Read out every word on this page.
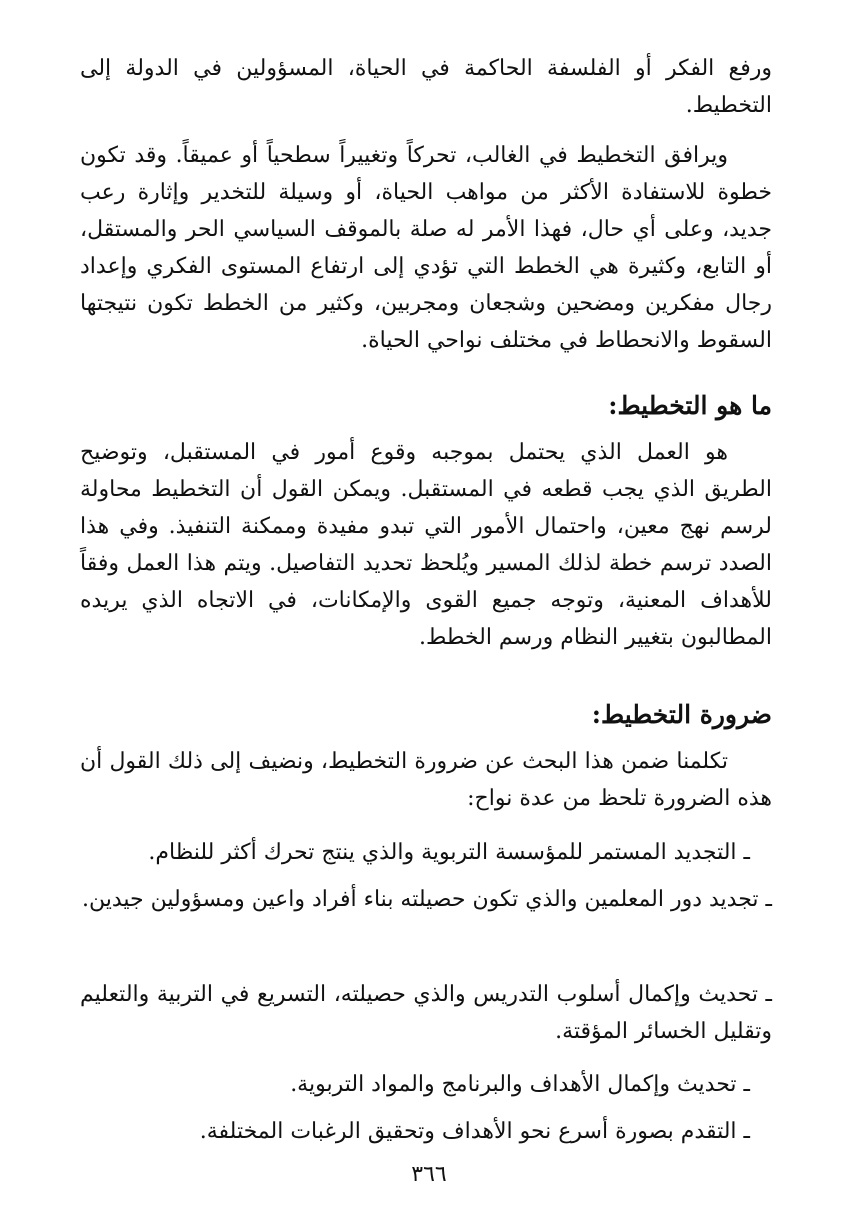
ورفع الفكر أو الفلسفة الحاكمة في الحياة، المسؤولين في الدولة إلى التخطيط.

ويرافق التخطيط في الغالب، تحركاً وتغييراً سطحياً أو عميقاً. وقد تكون خطوة للاستفادة الأكثر من مواهب الحياة، أو وسيلة للتخدير وإثارة رعب جديد، وعلى أي حال، فهذا الأمر له صلة بالموقف السياسي الحر والمستقل، أو التابع، وكثيرة هي الخطط التي تؤدي إلى ارتفاع المستوى الفكري وإعداد رجال مفكرين ومضحين وشجعان ومجربين، وكثير من الخطط تكون نتيجتها السقوط والانحطاط في مختلف نواحي الحياة.

ما هو التخطيط:

هو العمل الذي يحتمل بموجبه وقوع أمور في المستقبل، وتوضيح الطريق الذي يجب قطعه في المستقبل. ويمكن القول أن التخطيط محاولة لرسم نهج معين، واحتمال الأمور التي تبدو مفيدة وممكنة التنفيذ. وفي هذا الصدد ترسم خطة لذلك المسير ويُلحظ تحديد التفاصيل. ويتم هذا العمل وفقاً للأهداف المعنية، وتوجه جميع القوى والإمكانات، في الاتجاه الذي يريده المطالبون بتغيير النظام ورسم الخطط.

ضرورة التخطيط:

تكلمنا ضمن هذا البحث عن ضرورة التخطيط، ونضيف إلى ذلك القول أن هذه الضرورة تلحظ من عدة نواح:

ـ التجديد المستمر للمؤسسة التربوية والذي ينتج تحرك أكثر للنظام.

ـ تجديد دور المعلمين والذي تكون حصيلته بناء أفراد واعين ومسؤولين جيدين.

ـ تحديث وإكمال أسلوب التدريس والذي حصيلته، التسريع في التربية والتعليم وتقليل الخسائر المؤقتة.

ـ تحديث وإكمال الأهداف والبرنامج والمواد التربوية.

ـ التقدم بصورة أسرع نحو الأهداف وتحقيق الرغبات المختلفة.

٣٦٦
